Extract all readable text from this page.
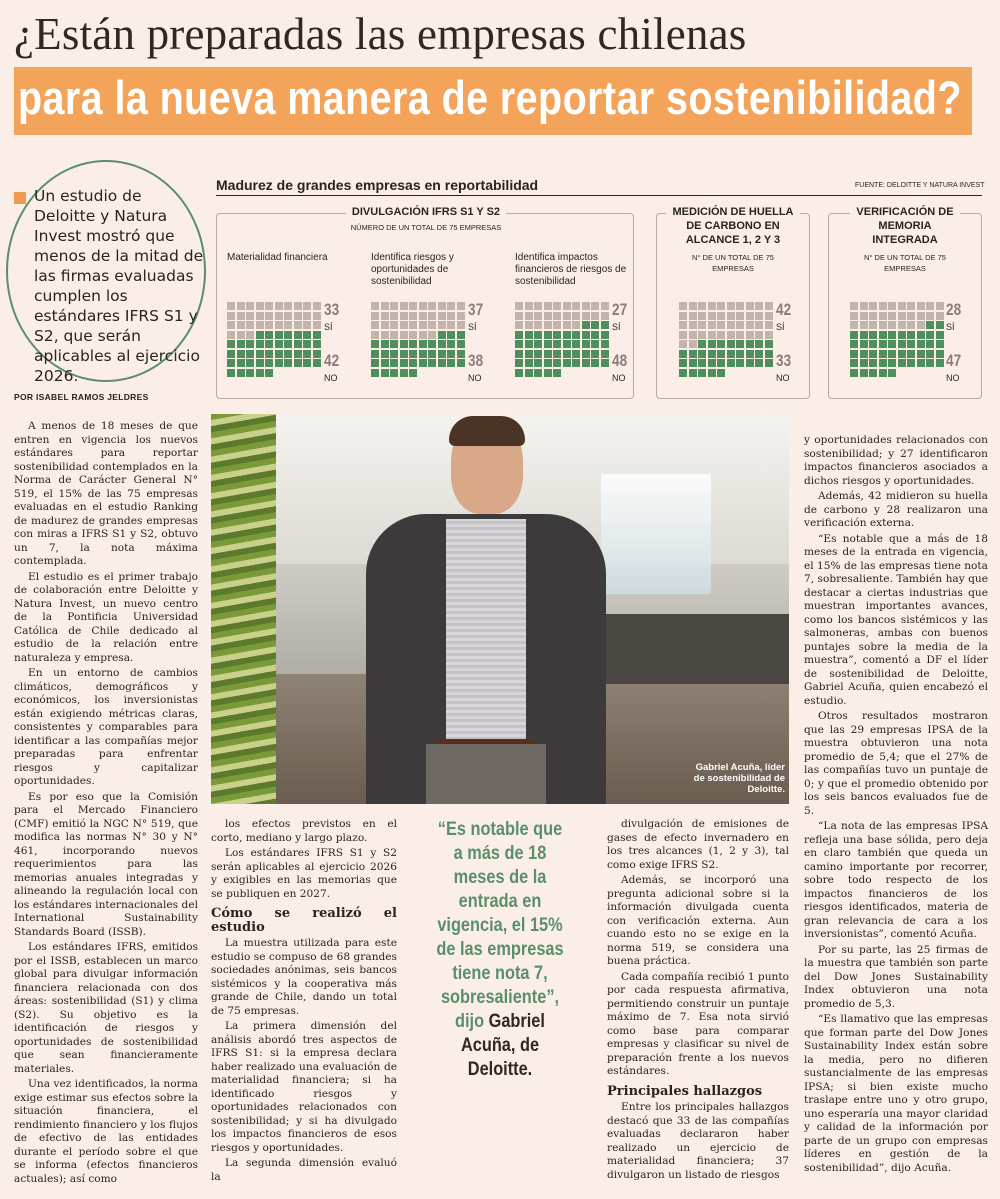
¿Están preparadas las empresas chilenas
para la nueva manera de reportar sostenibilidad?
Un estudio de Deloitte y Natura Invest mostró que menos de la mitad de las firmas evaluadas cumplen los estándares IFRS S1 y S2, que serán aplicables al ejercicio 2026.
POR ISABEL RAMOS JELDRES
Madurez de grandes empresas en reportabilidad	FUENTE: DELOITTE Y NATURA INVEST
DIVULGACIÓN IFRS S1 Y S2
NÚMERO DE UN TOTAL DE 75 EMPRESAS
MEDICIÓN DE HUELLA DE CARBONO EN ALCANCE 1, 2 Y 3
N° DE UN TOTAL DE 75 EMPRESAS
VERIFICACIÓN DE MEMORIA INTEGRADA
N° DE UN TOTAL DE 75 EMPRESAS
Materialidad financiera	Identifica riesgos y oportunidades de sostenibilidad
Identifica impactos financieros de riesgos de sostenibilidad
33
SÍ
42
NO
37
SÍ
38
NO
27
SÍ
48
NO
42
SÍ
33
NO
28
SÍ
47
NO
Gabriel Acuña, líder de sostenibilidad de Deloitte.

A menos de 18 meses de que entren en vigencia los nuevos estándares para reportar sostenibilidad contemplados en la Norma de Carácter General N° 519, el 15% de las 75 empresas evaluadas en el estudio Ranking de madurez de grandes empresas con miras a IFRS S1 y S2, obtuvo un 7, la nota máxima contemplada.

El estudio es el primer trabajo de colaboración entre Deloitte y Natura Invest, un nuevo centro de la Pontificia Universidad Católica de Chile dedicado al estudio de la relación entre naturaleza y empresa.

En un entorno de cambios climáticos, demográficos y económicos, los inversionistas están exigiendo métricas claras, consistentes y comparables para identificar a las compañías mejor preparadas para enfrentar riesgos y capitalizar oportunidades.

Es por eso que la Comisión para el Mercado Financiero (CMF) emitió la NGC N° 519, que modifica las normas N° 30 y N° 461, incorporando nuevos requerimientos para las memorias anuales integradas y alineando la regulación local con los estándares internacionales del International Sustainability Standards Board (ISSB).

Los estándares IFRS, emitidos por el ISSB, establecen un marco global para divulgar información financiera relacionada con dos áreas: sostenibilidad (S1) y clima (S2). Su objetivo es la identificación de riesgos y oportunidades de sostenibilidad que sean financieramente materiales.

Una vez identificados, la norma exige estimar sus efectos sobre la situación financiera, el rendimiento financiero y los flujos de efectivo de las entidades durante el período sobre el que se informa (efectos financieros actuales); así como

los efectos previstos en el corto, mediano y largo plazo.

Los estándares IFRS S1 y S2 serán aplicables al ejercicio 2026 y exigibles en las memorias que se publiquen en 2027.

Cómo se realizó el estudio

La muestra utilizada para este estudio se compuso de 68 grandes sociedades anónimas, seis bancos sistémicos y la cooperativa más grande de Chile, dando un total de 75 empresas.

La primera dimensión del análisis abordó tres aspectos de IFRS S1: si la empresa declara haber realizado una evaluación de materialidad financiera; si ha identificado riesgos y oportunidades relacionados con sostenibilidad; y si ha divulgado los impactos financieros de esos riesgos y oportunidades.

La segunda dimensión evaluó la

“Es notable que a más de 18 meses de la entrada en vigencia, el 15% de las empresas tiene nota 7, sobresaliente”, dijo Gabriel Acuña, de Deloitte.

divulgación de emisiones de gases de efecto invernadero en los tres alcances (1, 2 y 3), tal como exige IFRS S2.

Además, se incorporó una pregunta adicional sobre si la información divulgada cuenta con verificación externa. Aun cuando esto no se exige en la norma 519, se considera una buena práctica.

Cada compañía recibió 1 punto por cada respuesta afirmativa, permitiendo construir un puntaje máximo de 7. Esa nota sirvió como base para comparar empresas y clasificar su nivel de preparación frente a los nuevos estándares.

Principales hallazgos

Entre los principales hallazgos destacó que 33 de las compañías evaluadas declararon haber realizado un ejercicio de materialidad financiera; 37 divulgaron un listado de riesgos

y oportunidades relacionados con sostenibilidad; y 27 identificaron impactos financieros asociados a dichos riesgos y oportunidades.

Además, 42 midieron su huella de carbono y 28 realizaron una verificación externa.

“Es notable que a más de 18 meses de la entrada en vigencia, el 15% de las empresas tiene nota 7, sobresaliente. También hay que destacar a ciertas industrias que muestran importantes avances, como los bancos sistémicos y las salmoneras, ambas con buenos puntajes sobre la media de la muestra”, comentó a DF el líder de sostenibilidad de Deloitte, Gabriel Acuña, quien encabezó el estudio.

Otros resultados mostraron que las 29 empresas IPSA de la muestra obtuvieron una nota promedio de 5,4; que el 27% de las compañías tuvo un puntaje de 0; y que el promedio obtenido por los seis bancos evaluados fue de 5.

“La nota de las empresas IPSA refleja una base sólida, pero deja en claro también que queda un camino importante por recorrer, sobre todo respecto de los impactos financieros de los riesgos identificados, materia de gran relevancia de cara a los inversionistas”, comentó Acuña.

Por su parte, las 25 firmas de la muestra que también son parte del Dow Jones Sustainability Index obtuvieron una nota promedio de 5,3.

“Es llamativo que las empresas que forman parte del Dow Jones Sustainability Index están sobre la media, pero no difieren sustancialmente de las empresas IPSA; si bien existe mucho traslape entre uno y otro grupo, uno esperaría una mayor claridad y calidad de la información por parte de un grupo con empresas líderes en gestión de la sostenibilidad”, dijo Acuña.
